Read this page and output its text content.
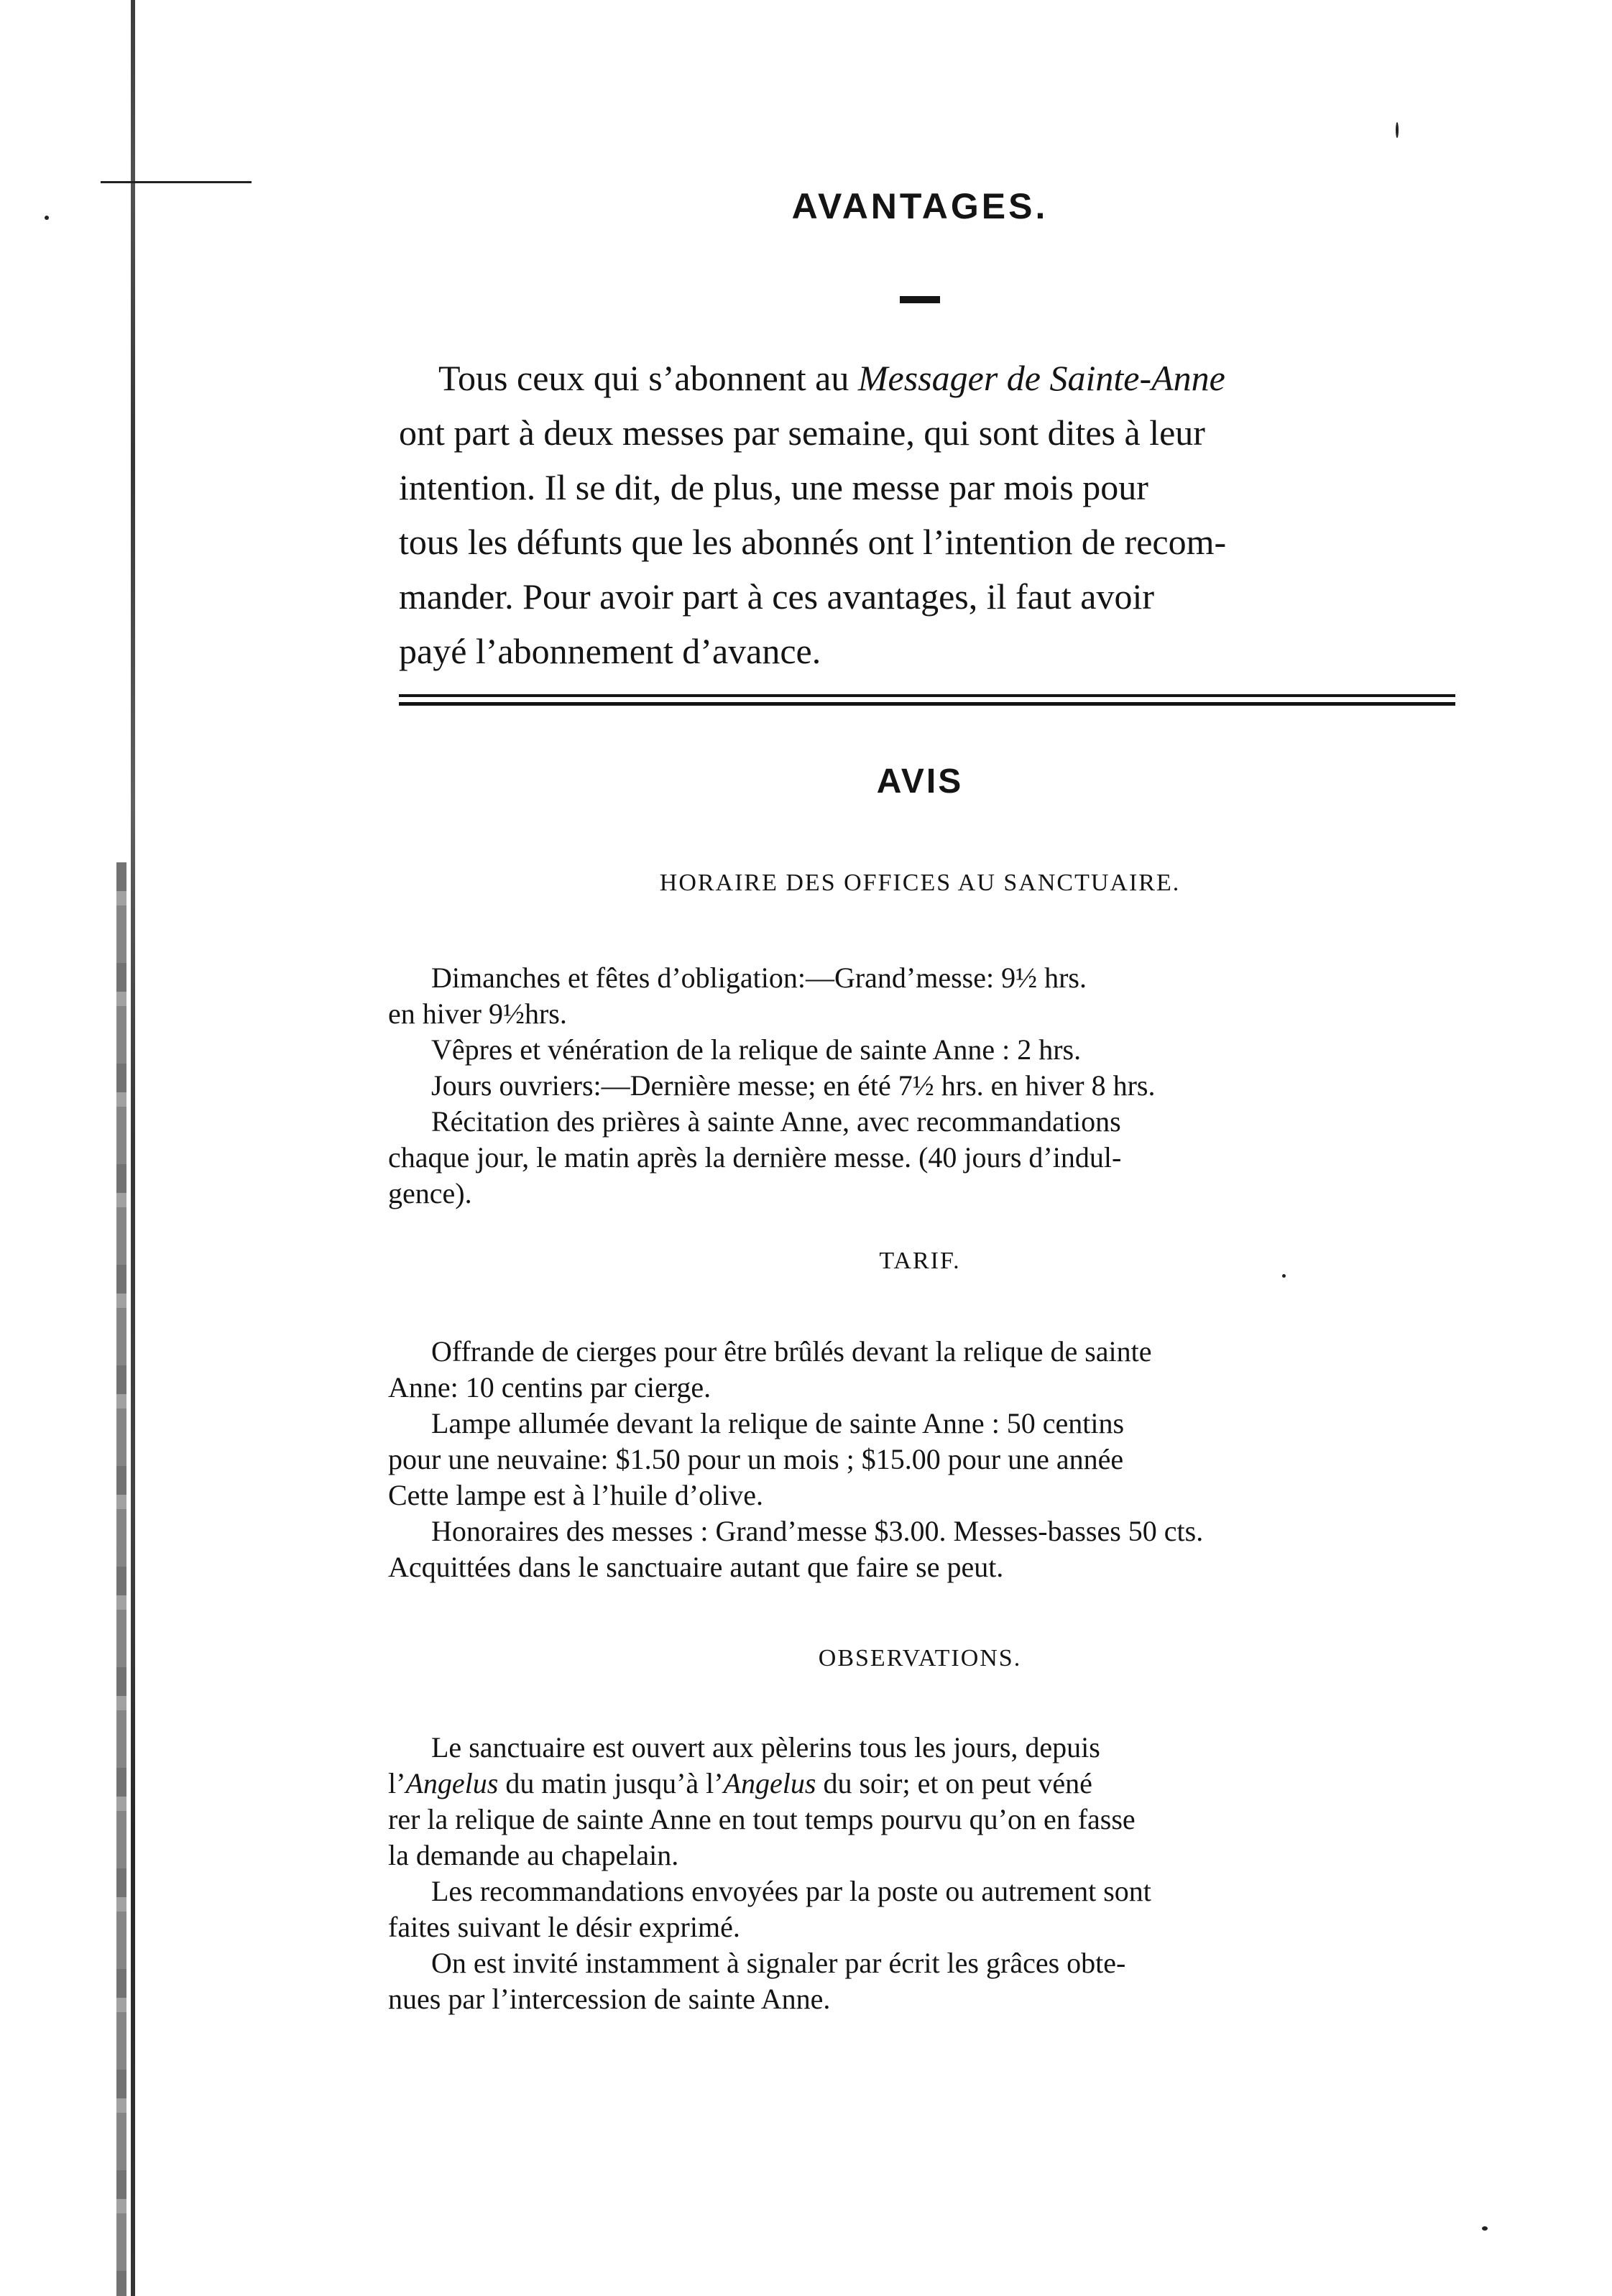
AVANTAGES.
Tous ceux qui s’abonnent au Messager de Sainte-Anne
ont part à deux messes par semaine, qui sont dites à leur
intention. Il se dit, de plus, une messe par mois pour
tous les défunts que les abonnés ont l’intention de recom-
mander. Pour avoir part à ces avantages, il faut avoir
payé l’abonnement d’avance.
AVIS
HORAIRE DES OFFICES AU SANCTUAIRE.
Dimanches et fêtes d’obligation:—Grand’messe: 9½ hrs.
en hiver 9½hrs.
Vêpres et vénération de la relique de sainte Anne : 2 hrs.
Jours ouvriers:—Dernière messe; en été 7½ hrs. en hiver 8 hrs.
Récitation des prières à sainte Anne, avec recommandations
chaque jour, le matin après la dernière messe. (40 jours d’indul-
gence).
TARIF.
Offrande de cierges pour être brûlés devant la relique de sainte
Anne: 10 centins par cierge.
Lampe allumée devant la relique de sainte Anne : 50 centins
pour une neuvaine: $1.50 pour un mois ; $15.00 pour une année
Cette lampe est à l’huile d’olive.
Honoraires des messes : Grand’messe $3.00. Messes-basses 50 cts.
Acquittées dans le sanctuaire autant que faire se peut.
OBSERVATIONS.
Le sanctuaire est ouvert aux pèlerins tous les jours, depuis
l’Angelus du matin jusqu’à l’Angelus du soir; et on peut véné
rer la relique de sainte Anne en tout temps pourvu qu’on en fasse
la demande au chapelain.
Les recommandations envoyées par la poste ou autrement sont
faites suivant le désir exprimé.
On est invité instamment à signaler par écrit les grâces obte-
nues par l’intercession de sainte Anne.
